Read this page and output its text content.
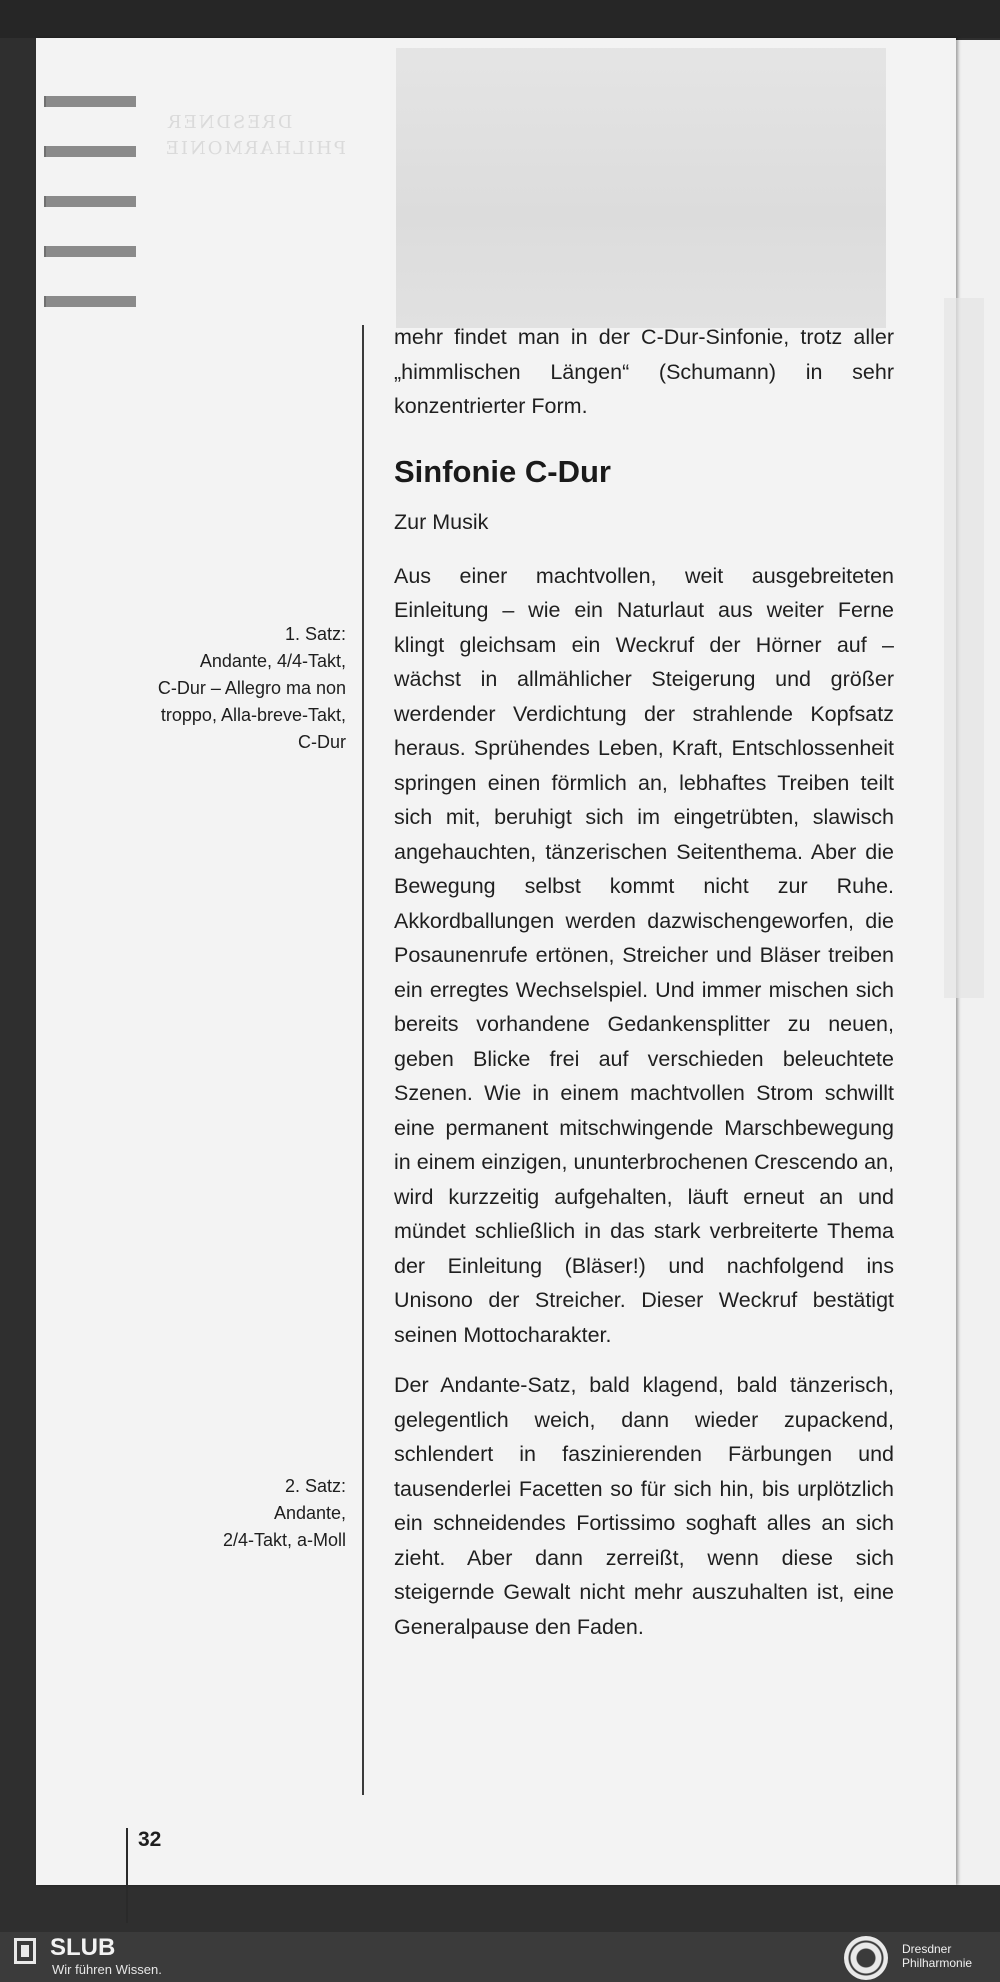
DRESDNER
PHILHARMONIE
1. Satz:
Andante, 4/4-Takt,
C-Dur – Allegro ma non
troppo, Alla-breve-Takt,
C-Dur
2. Satz:
Andante,
2/4-Takt, a-Moll

mehr findet man in der C-Dur-Sinfonie, trotz aller „himmlischen Längen“ (Schumann) in sehr konzentrierter Form.

Sinfonie C-Dur
Zur Musik

Aus einer machtvollen, weit ausgebreiteten Einleitung – wie ein Naturlaut aus weiter Ferne klingt gleichsam ein Weckruf der Hörner auf – wächst in allmählicher Steigerung und größer werdender Verdichtung der strahlende Kopfsatz heraus. Sprühendes Leben, Kraft, Entschlossenheit springen einen förmlich an, lebhaftes Treiben teilt sich mit, beruhigt sich im eingetrübten, slawisch angehauchten, tänzerischen Seitenthema. Aber die Bewegung selbst kommt nicht zur Ruhe. Akkordballungen werden dazwischengeworfen, die Posaunenrufe ertönen, Streicher und Bläser treiben ein erregtes Wechselspiel. Und immer mischen sich bereits vorhandene Gedankensplitter zu neuen, geben Blicke frei auf verschieden beleuchtete Szenen. Wie in einem machtvollen Strom schwillt eine permanent mitschwingende Marschbewegung in einem einzigen, ununterbrochenen Crescendo an, wird kurzzeitig aufgehalten, läuft erneut an und mündet schließlich in das stark verbreiterte Thema der Einleitung (Bläser!) und nachfolgend ins Unisono der Streicher. Dieser Weckruf bestätigt seinen Mottocharakter.

Der Andante-Satz, bald klagend, bald tänzerisch, gelegentlich weich, dann wieder zupackend, schlendert in faszinierenden Färbungen und tausenderlei Facetten so für sich hin, bis urplötzlich ein schneidendes Fortissimo soghaft alles an sich zieht. Aber dann zerreißt, wenn diese sich steigernde Gewalt nicht mehr auszuhalten ist, eine Generalpause den Faden.

32
SLUB
Wir führen Wissen.
Dresdner
Philharmonie
